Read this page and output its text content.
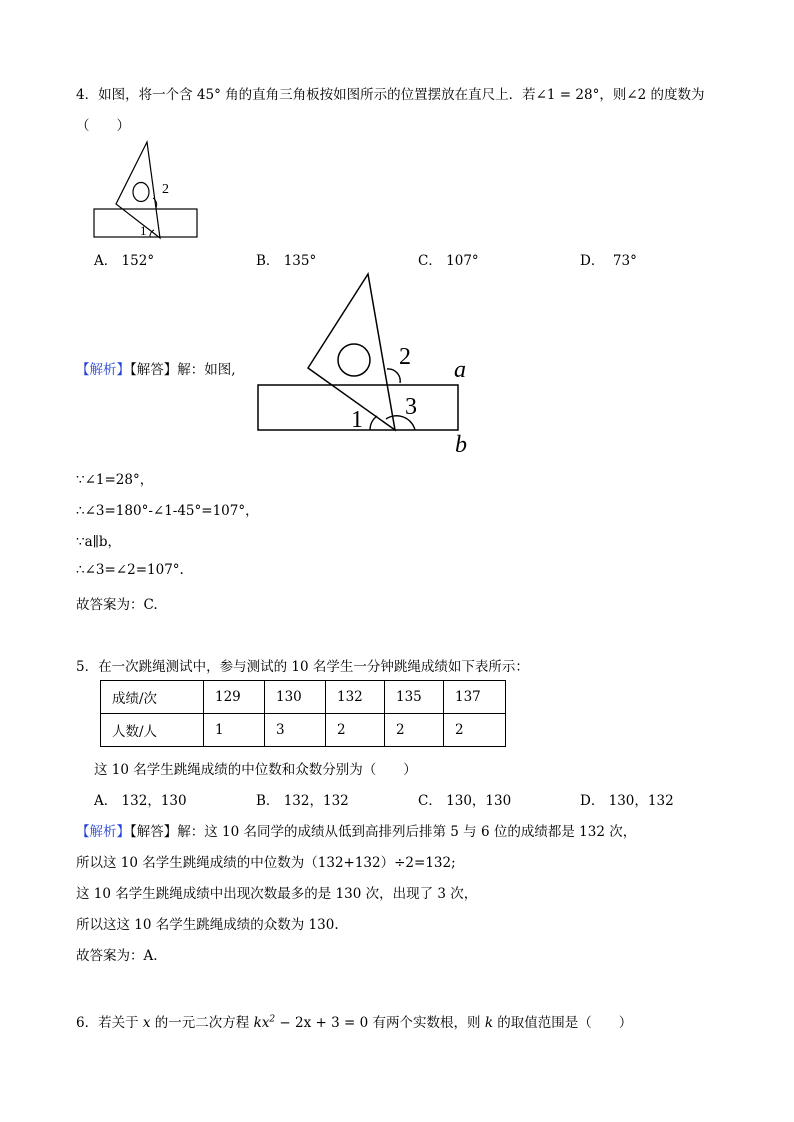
4．如图，将一个含 45° 角的直角三角板按如图所示的位置摆放在直尺上．若∠1 = 28°，则∠2 的度数为
（　　）
2
1
A． 152°	B． 135°	C． 107°	D． 73°
【解析】【解答】解：如图,	2 a
1 3
b
∵∠1=28°，
∴∠3=180°-∠1-45°=107°，
∵a∥b，
∴∠3=∠2=107°.
故答案为：C.
5．在一次跳绳测试中，参与测试的 10 名学生一分钟跳绳成绩如下表所示：
成绩/次	129	130	132	135	137
人数/人	1	3	2	2	2
这 10 名学生跳绳成绩的中位数和众数分别为（　　）
A． 132，130	B． 132，132	C． 130，130	D． 130，132
【解析】【解答】解：这 10 名同学的成绩从低到高排列后排第 5 与 6 位的成绩都是 132 次，
所以这 10 名学生跳绳成绩的中位数为（132+132）÷2=132;
这 10 名学生跳绳成绩中出现次数最多的是 130 次，出现了 3 次，
所以这这 10 名学生跳绳成绩的众数为 130.
故答案为：A.
6．若关于 x 的一元二次方程 $kx^2 - 2x + 3 = 0$ 有两个实数根，则 k 的取值范围是（　　）
